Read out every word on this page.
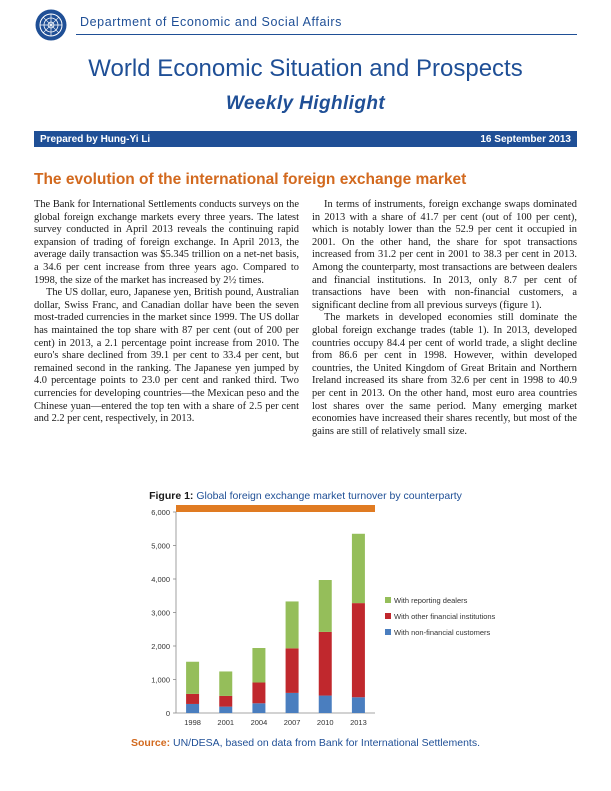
Department of Economic and Social Affairs
World Economic Situation and Prospects
Weekly Highlight
Prepared by Hung-Yi Li	16 September 2013
The evolution of the international foreign exchange market

The Bank for International Settlements conducts surveys on the global foreign exchange markets every three years. The latest survey conducted in April 2013 reveals the continuing rapid expansion of trading of foreign exchange. In April 2013, the average daily transaction was $5.345 trillion on a net-net basis, a 34.6 per cent increase from three years ago. Compared to 1998, the size of the market has increased by 2½ times.

The US dollar, euro, Japanese yen, British pound, Australian dollar, Swiss Franc, and Canadian dollar have been the seven most-traded currencies in the market since 1999. The US dollar has maintained the top share with 87 per cent (out of 200 per cent) in 2013, a 2.1 percentage point increase from 2010. The euro's share declined from 39.1 per cent to 33.4 per cent, but remained second in the ranking. The Japanese yen jumped by 4.0 percentage points to 23.0 per cent and ranked third. Two currencies for developing countries—the Mexican peso and the Chinese yuan—entered the top ten with a share of 2.5 per cent and 2.2 per cent, respectively, in 2013.

In terms of instruments, foreign exchange swaps dominated in 2013 with a share of 41.7 per cent (out of 100 per cent), which is notably lower than the 52.9 per cent it occupied in 2001. On the other hand, the share for spot transactions increased from 31.2 per cent in 2001 to 38.3 per cent in 2013. Among the counterparty, most transactions are between dealers and financial institutions. In 2013, only 8.7 per cent of transactions have been with non-financial customers, a significant decline from all previous surveys (figure 1).

The markets in developed economies still dominate the global foreign exchange trades (table 1). In 2013, developed countries occupy 84.4 per cent of world trade, a slight decline from 86.6 per cent in 1998. However, within developed countries, the United Kingdom of Great Britain and Northern Ireland increased its share from 32.6 per cent in 1998 to 40.9 per cent in 2013. On the other hand, most euro area countries lost shares over the same period. Many emerging market economies have increased their shares recently, but most of the gains are still of relatively small size.

Figure 1: Global foreign exchange market turnover by counterparty
0
1,000
2,000
3,000
4,000
5,000
6,000
1998 2001 2004 2007 2010 2013
With reporting dealers
With other financial institutions
With non-financial customers
Source: UN/DESA, based on data from Bank for International Settlements.
